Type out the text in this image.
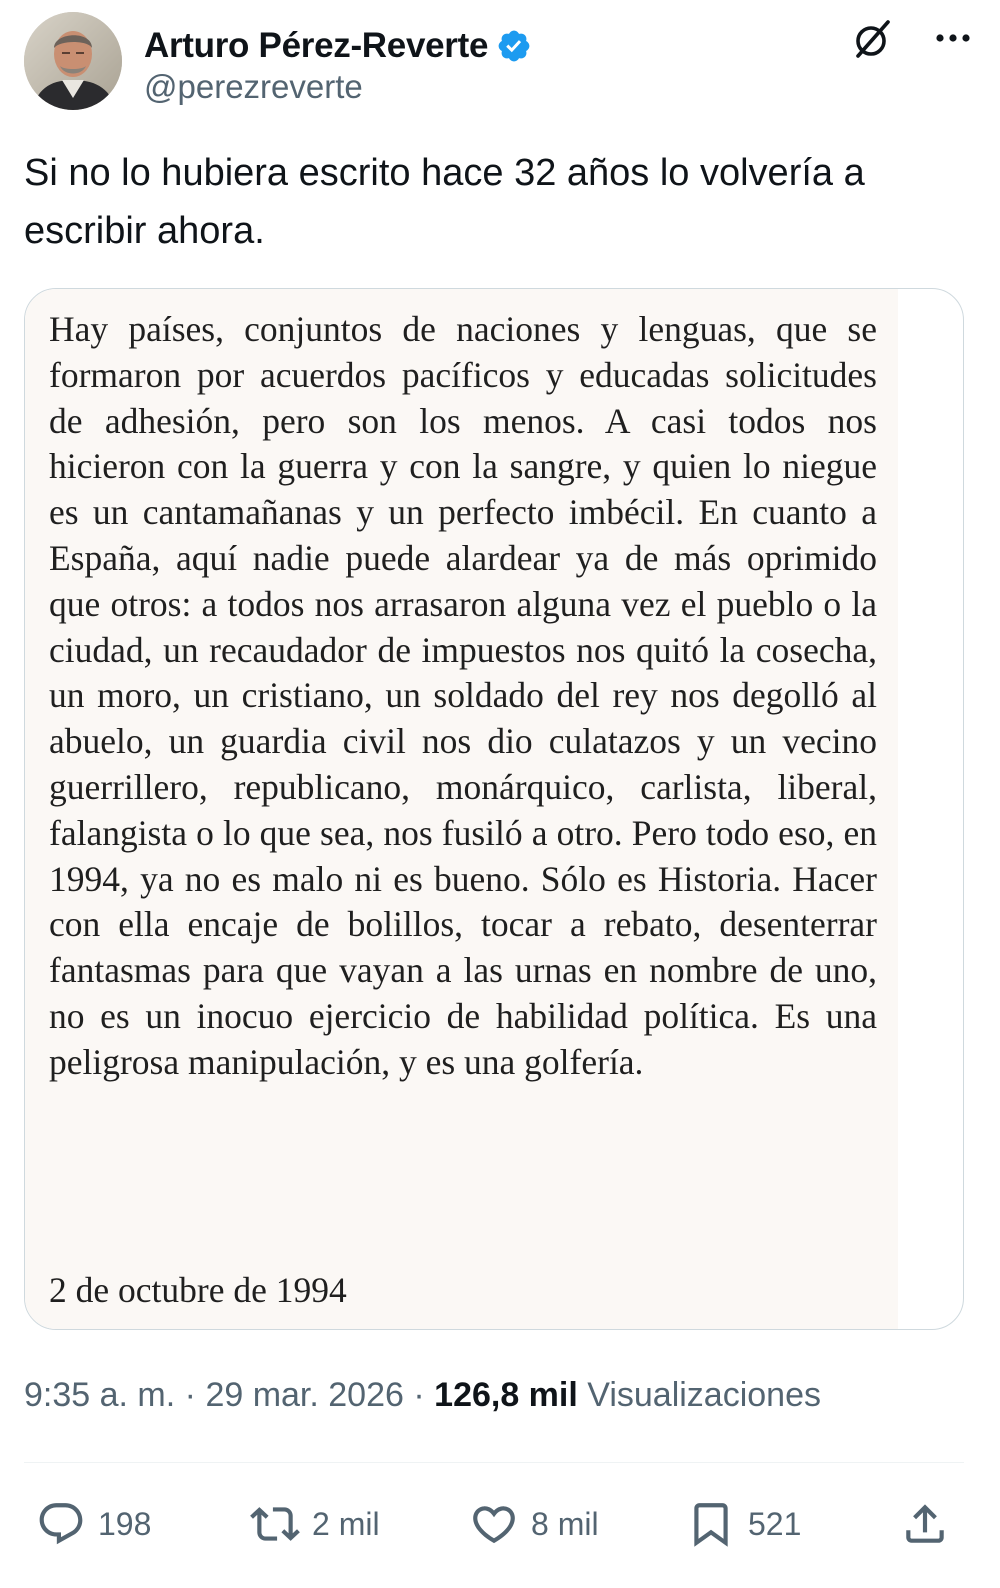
Arturo Pérez-Reverte
@perezreverte

Si no lo hubiera escrito hace 32 años lo volvería a escribir ahora.

Hay países, conjuntos de naciones y lenguas, que se formaron por acuerdos pacíficos y educadas solicitudes de adhesión, pero son los menos. A casi todos nos hicieron con la guerra y con la sangre, y quien lo niegue es un cantamañanas y un perfecto imbécil. En cuanto a España, aquí nadie puede alardear ya de más oprimido que otros: a todos nos arrasaron alguna vez el pueblo o la ciudad, un recaudador de impuestos nos quitó la cosecha, un moro, un cristiano, un soldado del rey nos degolló al abuelo, un guardia civil nos dio culatazos y un vecino guerrillero, republicano, monárquico, carlista, liberal, falangista o lo que sea, nos fusiló a otro. Pero todo eso, en 1994, ya no es malo ni es bueno. Sólo es Historia. Hacer con ella encaje de bolillos, tocar a rebato, desenterrar fantasmas para que vayan a las urnas en nombre de uno, no es un inocuo ejercicio de habilidad política. Es una peligrosa manipulación, y es una golfería.

2 de octubre de 1994

9:35 a. m. · 29 mar. 2026 · 126,8 mil Visualizaciones
198	2 mil	8 mil	521
